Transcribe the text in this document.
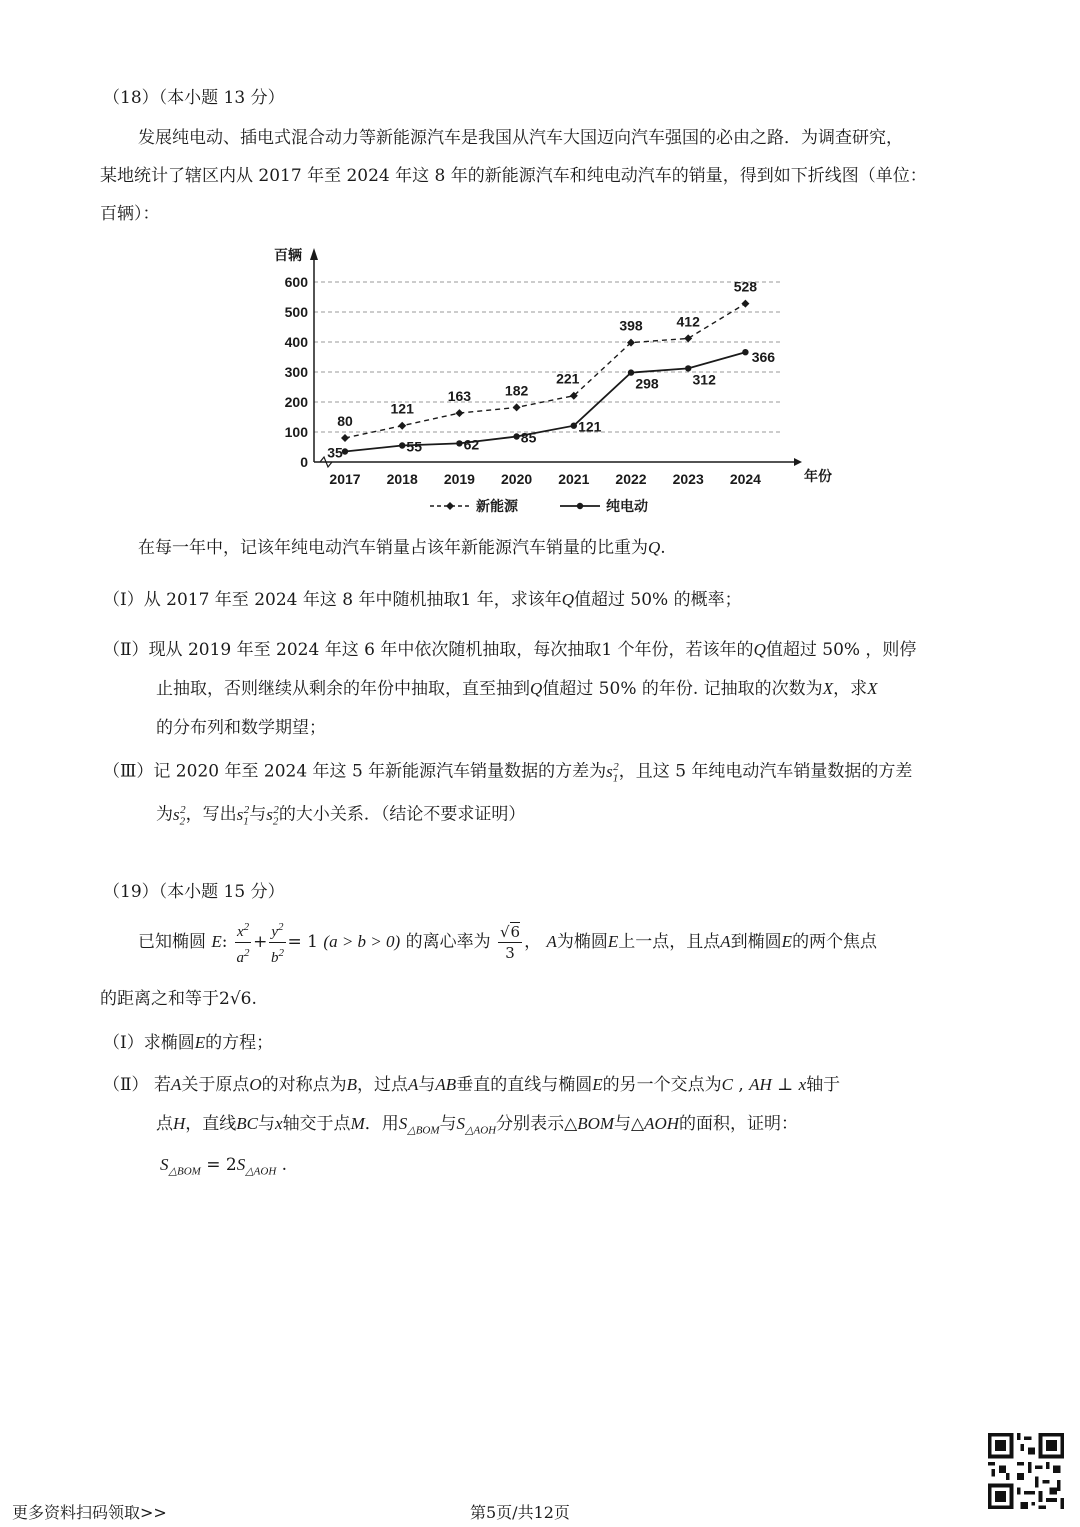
（18）（本小题 13 分）
发展纯电动、插电式混合动力等新能源汽车是我国从汽车大国迈向汽车强国的必由之路．为调查研究，
某地统计了辖区内从 2017 年至 2024 年这 8 年的新能源汽车和纯电动汽车的销量，得到如下折线图（单位：
百辆）：
0
100
200
300
400
500
600
百辆
年份
2017 2018 2019 2020 2021 2022 2023 2024
80
121
163 182
221
398 412
528
35	55	62	85
121
298 312
366
新能源	纯电动
在每一年中，记该年纯电动汽车销量占该年新能源汽车销量的比重为Q.
（Ⅰ）从 2017 年至 2024 年这 8 年中随机抽取1 年，求该年Q值超过 50% 的概率；
（Ⅱ）现从 2019 年至 2024 年这 6 年中依次随机抽取，每次抽取1 个年份，若该年的Q值超过 50% ，则停
止抽取，否则继续从剩余的年份中抽取，直至抽到Q值超过 50% 的年份. 记抽取的次数为X，求X
的分布列和数学期望；
（Ⅲ）记 2020 年至 2024 年这 5 年新能源汽车销量数据的方差为$s_1^2$，且这 5 年纯电动汽车销量数据的方差
为$s_2^2$，写出$s_1^2$与$s_2^2$的大小关系．（结论不要求证明）
（19）（本小题 15 分）
已知椭圆 E: $\frac{x^2}{a^2} + \frac{y^2}{b^2} = 1$ (a > b > 0) 的离心率为 $\frac{√6}{3}$ ， A为椭圆E上一点，且点A到椭圆E的两个焦点
的距离之和等于2√6.
（Ⅰ）求椭圆E的方程；
（Ⅱ） 若A关于原点O的对称点为B，过点A与AB垂直的直线与椭圆E的另一个交点为C , AH ⊥ x轴于
点H，直线BC与x轴交于点M．用$S_{\triangle BOM}$与$S_{\triangle AOH}$分别表示△BOM与△AOH的面积，证明：
$S_{\triangle BOM} = 2S_{\triangle AOH}$ .
更多资料扫码领取>>	第5页/共12页
